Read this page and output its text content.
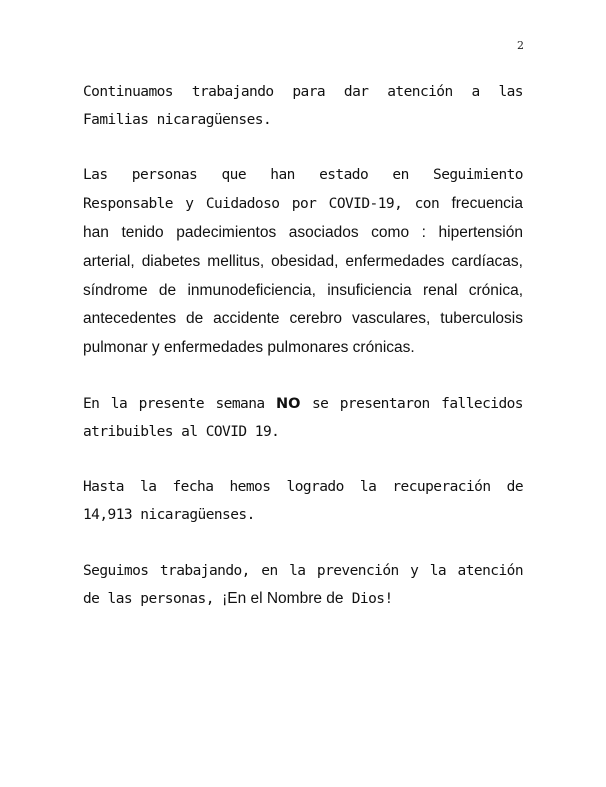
2

Continuamos trabajando para dar atención a las Familias nicaragüenses.

Las personas que han estado en Seguimiento Responsable y Cuidadoso por COVID-19, con frecuencia han tenido padecimientos asociados como : hipertensión arterial, diabetes mellitus, obesidad, enfermedades cardíacas, síndrome de inmunodeficiencia, insuficiencia renal crónica, antecedentes de accidente cerebro vasculares, tuberculosis pulmonar y enfermedades pulmonares crónicas.

En la presente semana NO se presentaron fallecidos atribuibles al COVID 19.

Hasta la fecha hemos logrado la recuperación de 14,913 nicaragüenses.

Seguimos trabajando, en la prevención y la atención de las personas, ¡En el Nombre de Dios!
